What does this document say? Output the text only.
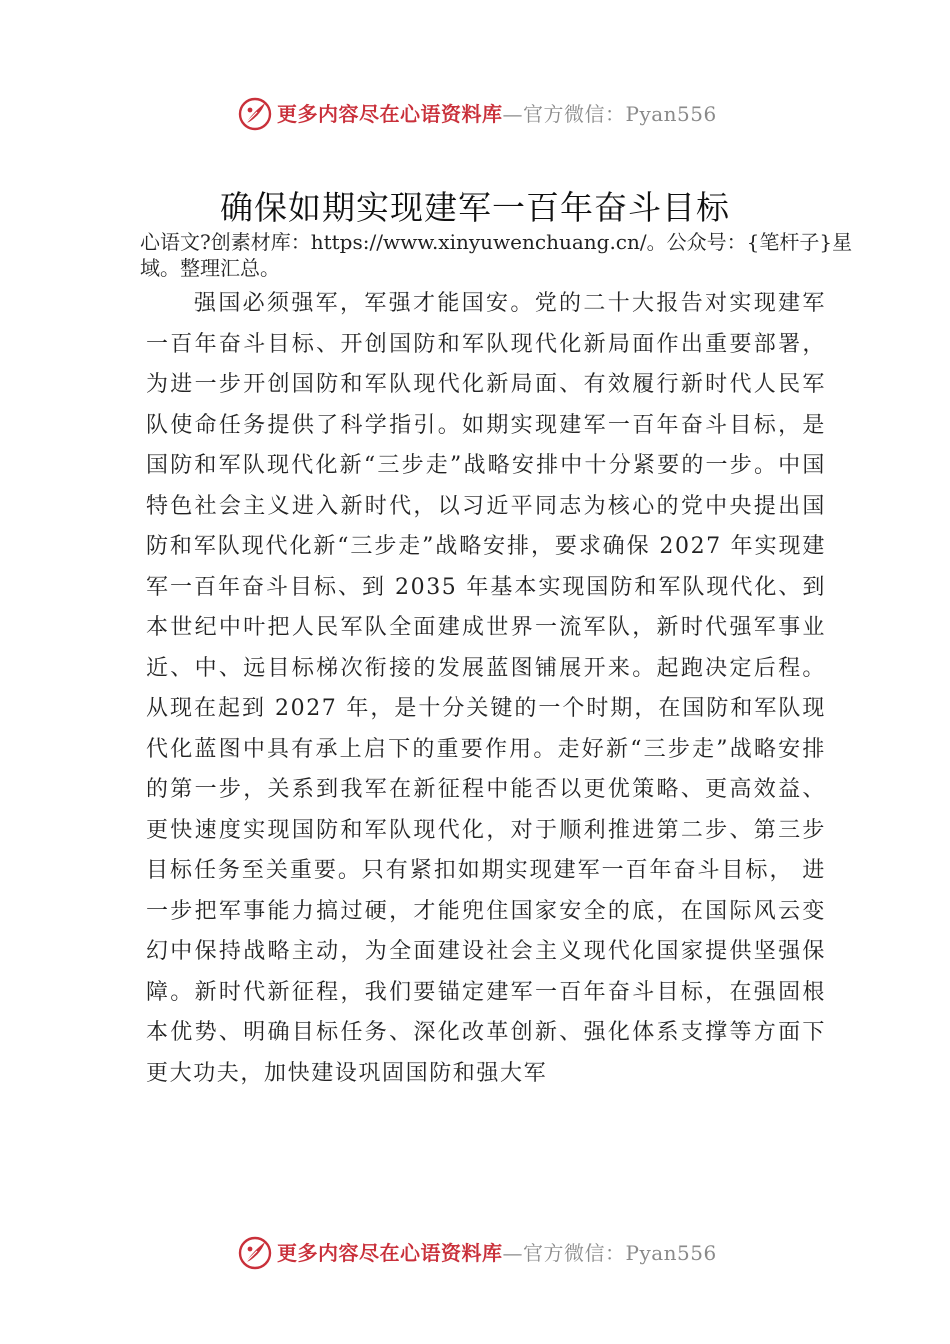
更多内容尽在心语资料库—官方微信：Pyan556
确保如期实现建军一百年奋斗目标
心语文?创素材库：https://www.xinyuwenchuang.cn/。公众号：{笔杆子}星域。整理汇总。
强国必须强军，军强才能国安。党的二十大报告对实现建军一百年奋斗目标、开创国防和军队现代化新局面作出重要部署，为进一步开创国防和军队现代化新局面、有效履行新时代人民军队使命任务提供了科学指引。如期实现建军一百年奋斗目标，是国防和军队现代化新“三步走”战略安排中十分紧要的一步。中国特色社会主义进入新时代，以习近平同志为核心的党中央提出国防和军队现代化新“三步走”战略安排，要求确保 2027 年实现建军一百年奋斗目标、到 2035 年基本实现国防和军队现代化、到本世纪中叶把人民军队全面建成世界一流军队，新时代强军事业近、中、远目标梯次衔接的发展蓝图铺展开来。起跑决定后程。从现在起到 2027 年，是十分关键的一个时期，在国防和军队现代化蓝图中具有承上启下的重要作用。走好新“三步走”战略安排的第一步，关系到我军在新征程中能否以更优策略、更高效益、更快速度实现国防和军队现代化，对于顺利推进第二步、第三步目标任务至关重要。只有紧扣如期实现建军一百年奋斗目标， 进一步把军事能力搞过硬，才能兜住国家安全的底，在国际风云变幻中保持战略主动，为全面建设社会主义现代化国家提供坚强保障。新时代新征程，我们要锚定建军一百年奋斗目标，在强固根本优势、明确目标任务、深化改革创新、强化体系支撑等方面下更大功夫，加快建设巩固国防和强大军
更多内容尽在心语资料库—官方微信：Pyan556
